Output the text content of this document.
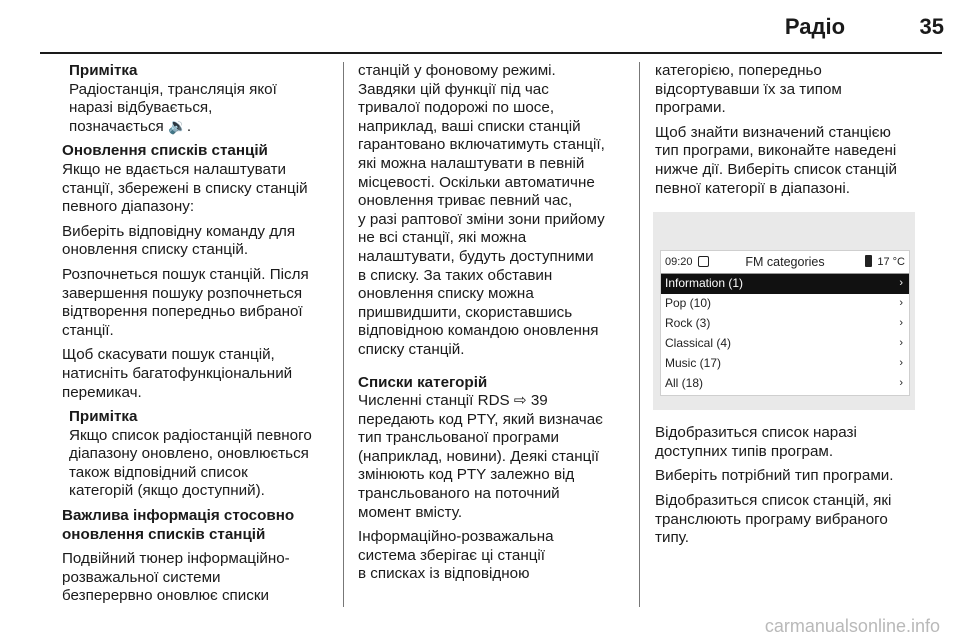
Радіо	35
Примітка
Радіостанція, трансляція якої
наразі відбувається,
позначається 🔉.
Оновлення списків станцій
Якщо не вдається налаштувати
станції, збережені в списку станцій
певного діапазону:
Виберіть відповідну команду для
оновлення списку станцій.
Розпочнеться пошук станцій. Після
завершення пошуку розпочнеться
відтворення попередньо вибраної
станції.
Щоб скасувати пошук станцій,
натисніть багатофункціональний
перемикач.
Примітка
Якщо список радіостанцій певного
діапазону оновлено, оновлюється
також відповідний список
категорій (якщо доступний).
Важлива інформація стосовно
оновлення списків станцій
Подвійний тюнер інформаційно-
розважальної системи
безперервно оновлює списки
станцій у фоновому режимі.
Завдяки цій функції під час
тривалої подорожі по шосе,
наприклад, ваші списки станцій
гарантовано включатимуть станції,
які можна налаштувати в певній
місцевості. Оскільки автоматичне
оновлення триває певний час,
у разі раптової зміни зони прийому
не всі станції, які можна
налаштувати, будуть доступними
в списку. За таких обставин
оновлення списку можна
пришвидшити, скориставшись
відповідною командою оновлення
списку станцій.
Списки категорій
Численні станції RDS ⇨ 39
передають код PTY, який визначає
тип трансльованої програми
(наприклад, новини). Деякі станції
змінюють код PTY залежно від
трансльованого на поточний
момент вмісту.
Інформаційно-розважальна
система зберігає ці станції
в списках із відповідною
категорією, попередньо
відсортувавши їх за типом
програми.
Щоб знайти визначений станцією
тип програми, виконайте наведені
нижче дії. Виберіть список станцій
певної категорії в діапазоні.
09:20	FM categories	17 °C
Information (1)	›
Pop (10)	›
Rock (3)	›
Classical (4)	›
Music (17)	›
All (18)	›
Відобразиться список наразі
доступних типів програм.
Виберіть потрібний тип програми.
Відобразиться список станцій, які
транслюють програму вибраного
типу.
carmanualsonline.info
